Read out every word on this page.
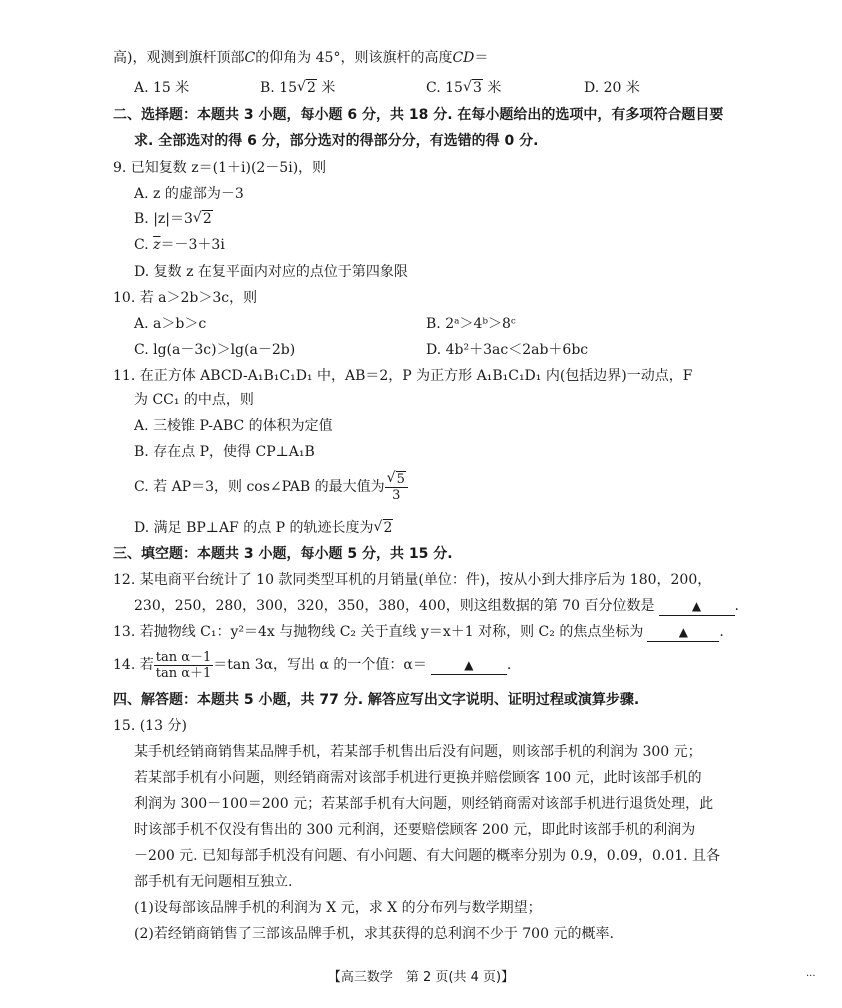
高)，观测到旗杆顶部C的仰角为 45°，则该旗杆的高度CD＝
A. 15 米	B. 15 √ 2 米	C. 15 √ 3 米	D. 20 米
二、选择题：本题共 3 小题，每小题 6 分，共 18 分. 在每小题给出的选项中，有多项符合题目要
求. 全部选对的得 6 分，部分选对的得部分分，有选错的得 0 分.
9. 已知复数 z＝(1＋i)(2－5i)，则
A. z 的虚部为－3
B. |z|＝3 √ 2
C. $\overline{z}=-3+3i$
D. 复数 z 在复平面内对应的点位于第四象限
10. 若 a＞2b＞3c，则
A. a＞b＞c	B. 2ᵃ＞4ᵇ＞8ᶜ
C. lg(a－3c)＞lg(a－2b)	D. 4b²＋3ac＜2ab＋6bc
11. 在正方体 ABCD-A₁B₁C₁D₁ 中，AB＝2，P 为正方形 A₁B₁C₁D₁ 内(包括边界)一动点，F
为 CC₁ 的中点，则
A. 三棱锥 P-ABC 的体积为定值
B. 存在点 P，使得 CP⊥A₁B
C. 若 AP＝3，则 cos∠PAB 的最大值为 √ $\frac{5}{3}$
D. 满足 BP⊥AF 的点 P 的轨迹长度为 √ 2
三、填空题：本题共 3 小题，每小题 5 分，共 15 分.
12. 某电商平台统计了 10 款同类型耳机的月销量(单位：件)，按从小到大排序后为 180，200，
230，250，280，300，320，350，380，400，则这组数据的第 70 百分位数是	▲ .
13. 若抛物线 C₁：y²＝4x 与抛物线 C₂ 关于直线 y＝x＋1 对称，则 C₂ 的焦点坐标为	▲ .
14. 若 $\frac{\text{tan α－1}}{\text{tan α＋1}} =\tan$ 3α，写出 α 的一个值：α＝	▲ .
四、解答题：本题共 5 小题，共 77 分. 解答应写出文字说明、证明过程或演算步骤.
15. (13 分)
某手机经销商销售某品牌手机，若某部手机售出后没有问题，则该部手机的利润为 300 元；
若某部手机有小问题，则经销商需对该部手机进行更换并赔偿顾客 100 元，此时该部手机的
利润为 300－100＝200 元；若某部手机有大问题，则经销商需对该部手机进行退货处理，此
时该部手机不仅没有售出的 300 元利润，还要赔偿顾客 200 元，即此时该部手机的利润为
－200 元. 已知每部手机没有问题、有小问题、有大问题的概率分别为 0.9，0.09，0.01. 且各
部手机有无问题相互独立.
(1)设每部该品牌手机的利润为 X 元，求 X 的分布列与数学期望；
(2)若经销商销售了三部该品牌手机，求其获得的总利润不少于 700 元的概率.
【高三数学　第 2 页(共 4 页)】	...
